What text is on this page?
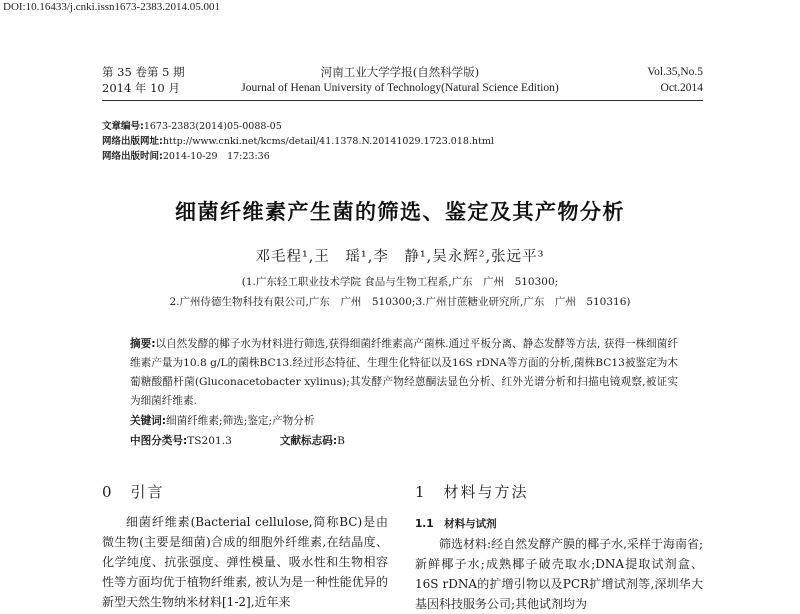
DOI:10.16433/j.cnki.issn1673-2383.2014.05.001
第 35 卷第 5 期
2014 年 10 月
河南工业大学学报(自然科学版)
Journal of Henan University of Technology(Natural Science Edition)
Vol.35,No.5
Oct.2014
文章编号:1673-2383(2014)05-0088-05
网络出版网址:http://www.cnki.net/kcms/detail/41.1378.N.20141029.1723.018.html
网络出版时间:2014-10-29　17:23:36
细菌纤维素产生菌的筛选、鉴定及其产物分析
邓毛程¹,王　瑶¹,李　静¹,吴永辉²,张远平³
(1.广东轻工职业技术学院 食品与生物工程系,广东　广州　510300;
2.广州侍德生物科技有限公司,广东　广州　510300;3.广州甘蔗糖业研究所,广东　广州　510316)
摘要:以自然发酵的椰子水为材料进行筛选,获得细菌纤维素高产菌株.通过平板分离、静态发酵等方法, 获得一株细菌纤维素产量为10.8 g/L的菌株BC13.经过形态特征、生理生化特征以及16S rDNA等方面的分析,菌株BC13被鉴定为木葡糖酸醋杆菌(Gluconacetobacter xylinus);其发酵产物经蒽酮法显色分析、红外光谱分析和扫描电镜观察,被证实为细菌纤维素.
关键词:细菌纤维素;筛选;鉴定;产物分析
中图分类号:TS201.3	文献标志码:B
0　引言	1　材料与方法
1.1　材料与试剂
细菌纤维素(Bacterial cellulose,简称BC)是由微生物(主要是细菌)合成的细胞外纤维素,在结晶度、化学纯度、抗张强度、弹性模量、吸水性和生物相容性等方面均优于植物纤维素, 被认为是一种性能优异的新型天然生物纳米材料[1-2],近年来
筛选材料:经自然发酵产膜的椰子水,采样于海南省;新鲜椰子水;成熟椰子破壳取水;DNA提取试剂盒、16S rDNA的扩增引物以及PCR扩增试剂等,深圳华大基因科技服务公司;其他试剂均为
